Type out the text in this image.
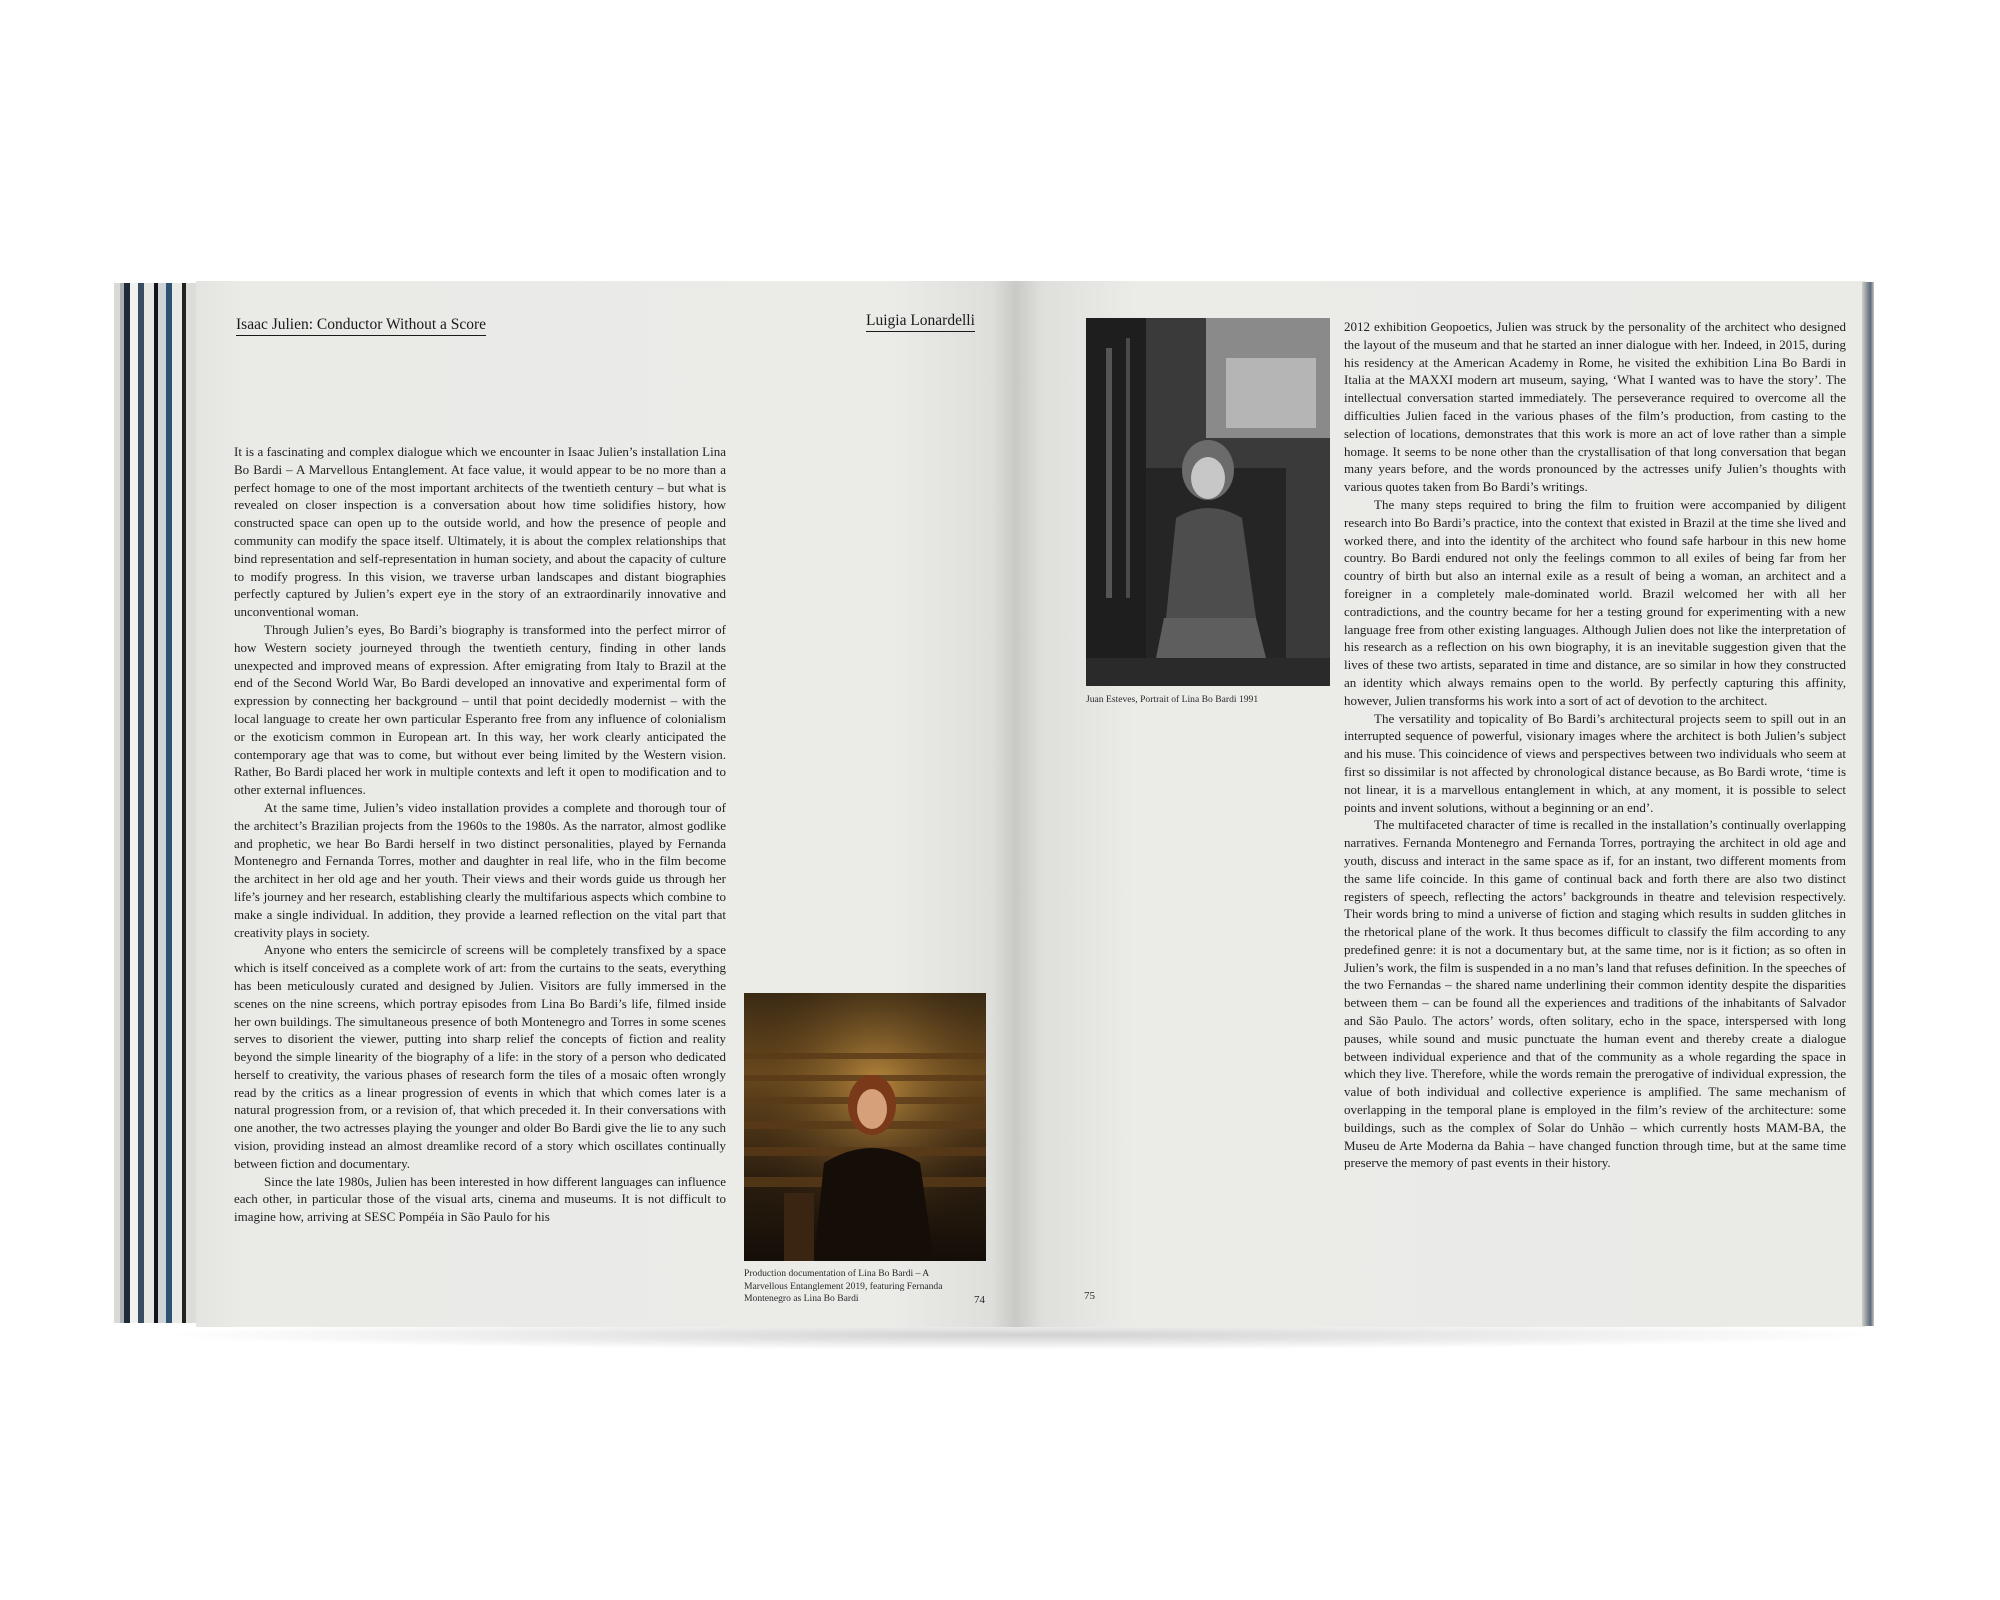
Isaac Julien: Conductor Without a Score	Luigia Lonardelli

It is a fascinating and complex dialogue which we encounter in Isaac Julien’s installation Lina Bo Bardi – A Marvellous Entanglement. At face value, it would appear to be no more than a perfect homage to one of the most important architects of the twentieth century – but what is revealed on closer inspection is a conversation about how time solidifies history, how constructed space can open up to the outside world, and how the presence of people and community can modify the space itself. Ultimately, it is about the complex relationships that bind representation and self-representation in human society, and about the capacity of culture to modify progress. In this vision, we traverse urban landscapes and distant biographies perfectly captured by Julien’s expert eye in the story of an extraordinarily innovative and unconventional woman.

Through Julien’s eyes, Bo Bardi’s biography is transformed into the perfect mirror of how Western society journeyed through the twentieth century, finding in other lands unexpected and improved means of expression. After emigrating from Italy to Brazil at the end of the Second World War, Bo Bardi developed an innovative and experimental form of expression by connecting her background – until that point decidedly modernist – with the local language to create her own particular Esperanto free from any influence of colonialism or the exoticism common in European art. In this way, her work clearly anticipated the contemporary age that was to come, but without ever being limited by the Western vision. Rather, Bo Bardi placed her work in multiple contexts and left it open to modification and to other external influences.

At the same time, Julien’s video installation provides a complete and thorough tour of the architect’s Brazilian projects from the 1960s to the 1980s. As the narrator, almost godlike and prophetic, we hear Bo Bardi herself in two distinct personalities, played by Fernanda Montenegro and Fernanda Torres, mother and daughter in real life, who in the film become the architect in her old age and her youth. Their views and their words guide us through her life’s journey and her research, establishing clearly the multifarious aspects which combine to make a single individual. In addition, they provide a learned reflection on the vital part that creativity plays in society.

Anyone who enters the semicircle of screens will be completely transfixed by a space which is itself conceived as a complete work of art: from the curtains to the seats, everything has been meticulously curated and designed by Julien. Visitors are fully immersed in the scenes on the nine screens, which portray episodes from Lina Bo Bardi’s life, filmed inside her own buildings. The simultaneous presence of both Montenegro and Torres in some scenes serves to disorient the viewer, putting into sharp relief the concepts of fiction and reality beyond the simple linearity of the biography of a life: in the story of a person who dedicated herself to creativity, the various phases of research form the tiles of a mosaic often wrongly read by the critics as a linear progression of events in which that which comes later is a natural progression from, or a revision of, that which preceded it. In their conversations with one another, the two actresses playing the younger and older Bo Bardi give the lie to any such vision, providing instead an almost dreamlike record of a story which oscillates continually between fiction and documentary.

Since the late 1980s, Julien has been interested in how different languages can influence each other, in particular those of the visual arts, cinema and museums. It is not difficult to imagine how, arriving at SESC Pompéia in São Paulo for his

Production documentation of Lina Bo Bardi – A Marvellous Entanglement 2019, featuring Fernanda Montenegro as Lina Bo Bardi	74
Juan Esteves, Portrait of Lina Bo Bardi 1991
75

2012 exhibition Geopoetics, Julien was struck by the personality of the architect who designed the layout of the museum and that he started an inner dialogue with her. Indeed, in 2015, during his residency at the American Academy in Rome, he visited the exhibition Lina Bo Bardi in Italia at the MAXXI modern art museum, saying, ‘What I wanted was to have the story’. The intellectual conversation started immediately. The perseverance required to overcome all the difficulties Julien faced in the various phases of the film’s production, from casting to the selection of locations, demonstrates that this work is more an act of love rather than a simple homage. It seems to be none other than the crystallisation of that long conversation that began many years before, and the words pronounced by the actresses unify Julien’s thoughts with various quotes taken from Bo Bardi’s writings.

The many steps required to bring the film to fruition were accompanied by diligent research into Bo Bardi’s practice, into the context that existed in Brazil at the time she lived and worked there, and into the identity of the architect who found safe harbour in this new home country. Bo Bardi endured not only the feelings common to all exiles of being far from her country of birth but also an internal exile as a result of being a woman, an architect and a foreigner in a completely male-dominated world. Brazil welcomed her with all her contradictions, and the country became for her a testing ground for experimenting with a new language free from other existing languages. Although Julien does not like the interpretation of his research as a reflection on his own biography, it is an inevitable suggestion given that the lives of these two artists, separated in time and distance, are so similar in how they constructed an identity which always remains open to the world. By perfectly capturing this affinity, however, Julien transforms his work into a sort of act of devotion to the architect.

The versatility and topicality of Bo Bardi’s architectural projects seem to spill out in an interrupted sequence of powerful, visionary images where the architect is both Julien’s subject and his muse. This coincidence of views and perspectives between two individuals who seem at first so dissimilar is not affected by chronological distance because, as Bo Bardi wrote, ‘time is not linear, it is a marvellous entanglement in which, at any moment, it is possible to select points and invent solutions, without a beginning or an end’.

The multifaceted character of time is recalled in the installation’s continually overlapping narratives. Fernanda Montenegro and Fernanda Torres, portraying the architect in old age and youth, discuss and interact in the same space as if, for an instant, two different moments from the same life coincide. In this game of continual back and forth there are also two distinct registers of speech, reflecting the actors’ backgrounds in theatre and television respectively. Their words bring to mind a universe of fiction and staging which results in sudden glitches in the rhetorical plane of the work. It thus becomes difficult to classify the film according to any predefined genre: it is not a documentary but, at the same time, nor is it fiction; as so often in Julien’s work, the film is suspended in a no man’s land that refuses definition. In the speeches of the two Fernandas – the shared name underlining their common identity despite the disparities between them – can be found all the experiences and traditions of the inhabitants of Salvador and São Paulo. The actors’ words, often solitary, echo in the space, interspersed with long pauses, while sound and music punctuate the human event and thereby create a dialogue between individual experience and that of the community as a whole regarding the space in which they live. Therefore, while the words remain the prerogative of individual expression, the value of both individual and collective experience is amplified. The same mechanism of overlapping in the temporal plane is employed in the film’s review of the architecture: some buildings, such as the complex of Solar do Unhão – which currently hosts MAM-BA, the Museu de Arte Moderna da Bahia – have changed function through time, but at the same time preserve the memory of past events in their history.
